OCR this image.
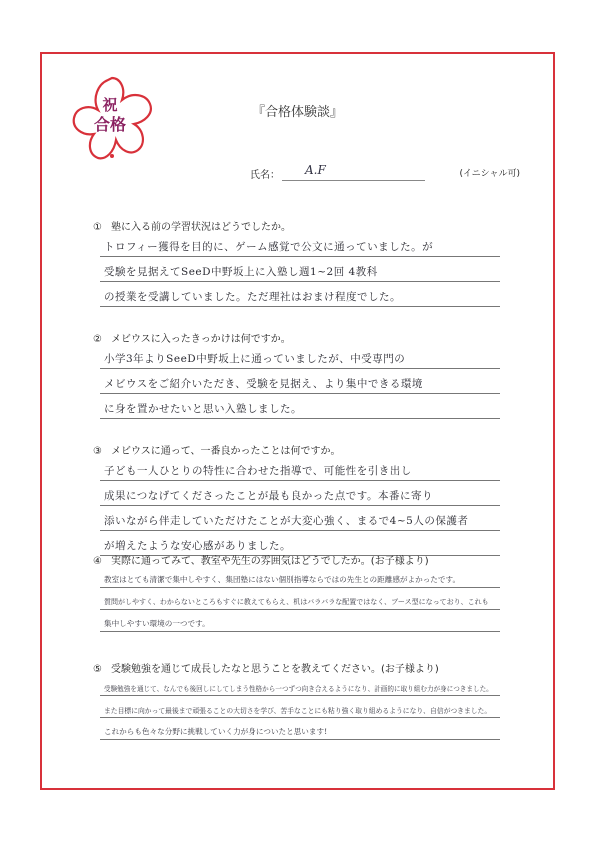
祝
合格
『合格体験談』
氏名： A.F	(イニシャル可)
① 塾に入る前の学習状況はどうでしたか。
トロフィー獲得を目的に、ゲーム感覚で公文に通っていました。が
受験を見据えてSeeD中野坂上に入塾し週1~2回 4教科
の授業を受講していました。ただ理社はおまけ程度でした。
② メビウスに入ったきっかけは何ですか。
小学3年よりSeeD中野坂上に通っていましたが、中受専門の
メビウスをご紹介いただき、受験を見据え、より集中できる環境
に身を置かせたいと思い入塾しました。
③ メビウスに通って、一番良かったことは何ですか。
子ども一人ひとりの特性に合わせた指導で、可能性を引き出し
成果につなげてくださったことが最も良かった点です。本番に寄り
添いながら伴走していただけたことが大変心強く、まるで4~5人の保護者
が増えたような安心感がありました。
④ 実際に通ってみて、教室や先生の雰囲気はどうでしたか。(お子様より)
教室はとても清潔で集中しやすく、集団塾にはない個別指導ならではの先生との距離感がよかったです。
質問がしやすく、わからないところもすぐに教えてもらえ、机はバラバラな配置ではなく、ブース型になっており、これも
集中しやすい環境の一つです。
⑤ 受験勉強を通じて成長したなと思うことを教えてください。(お子様より)
受験勉強を通じて、なんでも後回しにしてしまう性格から一つずつ向き合えるようになり、計画的に取り組む力が身につきました。
また目標に向かって最後まで頑張ることの大切さを学び、苦手なことにも粘り強く取り組めるようになり、自信がつきました。
これからも色々な分野に挑戦していく力が身についたと思います!
